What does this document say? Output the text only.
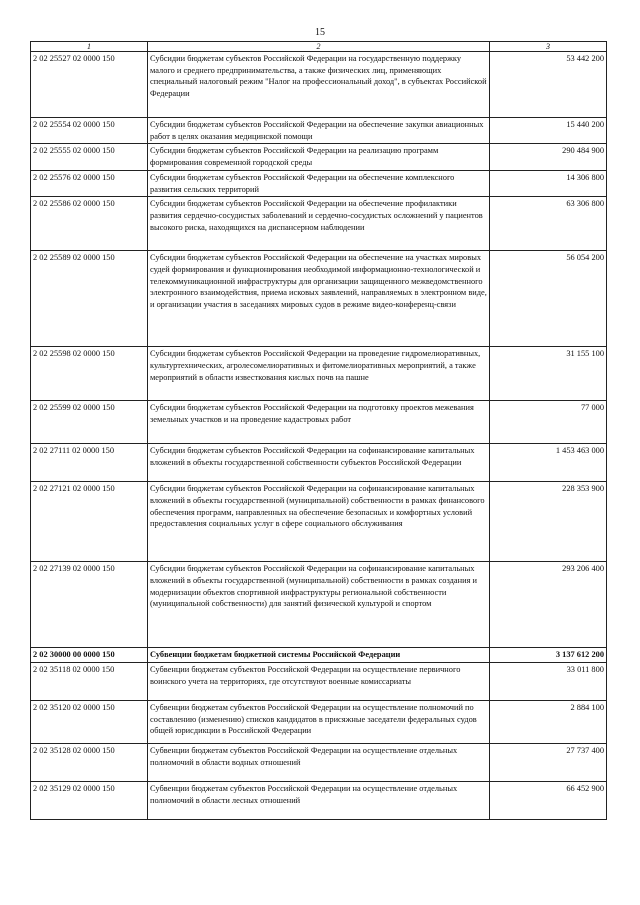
15
1	2	3
2 02 25527 02 0000 150	Субсидии бюджетам субъектов Российской Федерации на государственную поддержку малого и среднего предпринимательства, а также физических лиц, применяющих специальный налоговый режим "Налог на профессиональный доход", в субъектах Российской Федерации	53 442 200
2 02 25554 02 0000 150	Субсидии бюджетам субъектов Российской Федерации на обеспечение закупки авиационных работ в целях оказания медицинской помощи	15 440 200
2 02 25555 02 0000 150	Субсидии бюджетам субъектов Российской Федерации на реализацию программ формирования современной городской среды	290 484 900
2 02 25576 02 0000 150	Субсидии бюджетам субъектов Российской Федерации на обеспечение комплексного развития сельских территорий	14 306 800
2 02 25586 02 0000 150	Субсидии бюджетам субъектов Российской Федерации на обеспечение профилактики развития сердечно-сосудистых заболеваний и сердечно-сосудистых осложнений у пациентов высокого риска, находящихся на диспансерном наблюдении	63 306 800
2 02 25589 02 0000 150	Субсидии бюджетам субъектов Российской Федерации на обеспечение на участках мировых судей формирования и функционирования необходимой информационно-технологической и телекоммуникационной инфраструктуры для организации защищенного межведомственного электронного взаимодействия, приема исковых заявлений, направляемых в электронном виде, и организации участия в заседаниях мировых судов в режиме видео-конференц-связи	56 054 200
2 02 25598 02 0000 150	Субсидии бюджетам субъектов Российской Федерации на проведение гидромелиоративных, культуртехнических, агролесомелиоративных и фитомелиоративных мероприятий, а также мероприятий в области известкования кислых почв на пашне	31 155 100
2 02 25599 02 0000 150	Субсидии бюджетам субъектов Российской Федерации на подготовку проектов межевания земельных участков и на проведение кадастровых работ	77 000
2 02 27111 02 0000 150	Субсидии бюджетам субъектов Российской Федерации на софинансирование капитальных вложений в объекты государственной собственности субъектов Российской Федерации	1 453 463 000
2 02 27121 02 0000 150	Субсидии бюджетам субъектов Российской Федерации на софинансирование капитальных вложений в объекты государственной (муниципальной) собственности в рамках финансового обеспечения программ, направленных на обеспечение безопасных и комфортных условий предоставления социальных услуг в сфере социального обслуживания	228 353 900
2 02 27139 02 0000 150	Субсидии бюджетам субъектов Российской Федерации на софинансирование капитальных вложений в объекты государственной (муниципальной) собственности в рамках создания и модернизации объектов спортивной инфраструктуры региональной собственности (муниципальной собственности) для занятий физической культурой и спортом	293 206 400
2 02 30000 00 0000 150	Субвенции бюджетам бюджетной системы Российской Федерации	3 137 612 200
2 02 35118 02 0000 150	Субвенции бюджетам субъектов Российской Федерации на осуществление первичного воинского учета на территориях, где отсутствуют военные комиссариаты	33 011 800
2 02 35120 02 0000 150	Субвенции бюджетам субъектов Российской Федерации на осуществление полномочий по составлению (изменению) списков кандидатов в присяжные заседатели федеральных судов общей юрисдикции в Российской Федерации	2 884 100
2 02 35128 02 0000 150	Субвенции бюджетам субъектов Российской Федерации на осуществление отдельных полномочий в области водных отношений	27 737 400
2 02 35129 02 0000 150	Субвенции бюджетам субъектов Российской Федерации на осуществление отдельных полномочий в области лесных отношений	66 452 900
